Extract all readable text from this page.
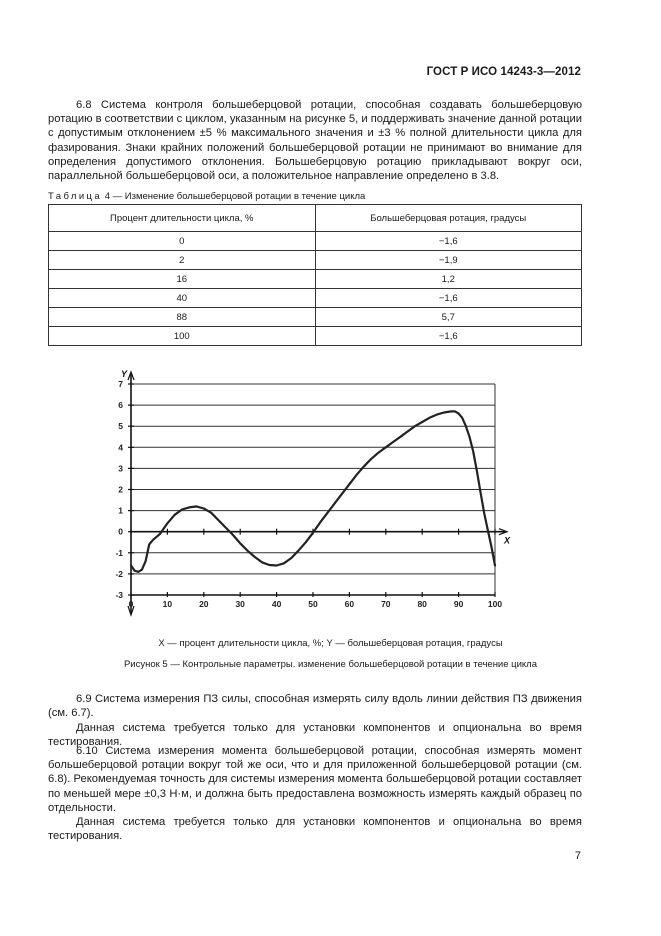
ГОСТ Р ИСО 14243-3—2012

6.8 Система контроля большеберцовой ротации, способная создавать большеберцовую ротацию в соответствии с циклом, указанным на рисунке 5, и поддерживать значение данной ротации с допустимым отклонением ±5 % максимального значения и ±3 % полной длительности цикла для фазирования. Знаки крайних положений большеберцовой ротации не принимают во внимание для определения допустимого отклонения. Большеберцовую ротацию прикладывают вокруг оси, параллельной большеберцовой оси, а положительное направление определено в 3.8.

Таблица 4 — Изменение большеберцовой ротации в течение цикла
Процент длительности цикла, %	Большеберцовая ротация, градусы
0	−1,6
2	−1,9
16	1,2
40	−1,6
88	5,7
100	−1,6
0	10	20	30	40	50	60	70	80	90	100
7
6
5
4
3
2
1
0
-1
-2
-3
Y
X
X — процент длительности цикла, %; Y — большеберцовая ротация, градусы
Рисунок 5 — Контрольные параметры. изменение большеберцовой ротации в течение цикла

6.9 Система измерения ПЗ силы, способная измерять силу вдоль линии действия ПЗ движения (см. 6.7).

Данная система требуется только для установки компонентов и опциональна во время тестирования.

6.10 Система измерения момента большеберцовой ротации, способная измерять момент большеберцовой ротации вокруг той же оси, что и для приложенной большеберцовой ротации (см. 6.8). Рекомендуемая точность для системы измерения момента большеберцовой ротации составляет по меньшей мере ±0,3 Н·м, и должна быть предоставлена возможность измерять каждый образец по отдельности.

Данная система требуется только для установки компонентов и опциональна во время тестирования.

7
